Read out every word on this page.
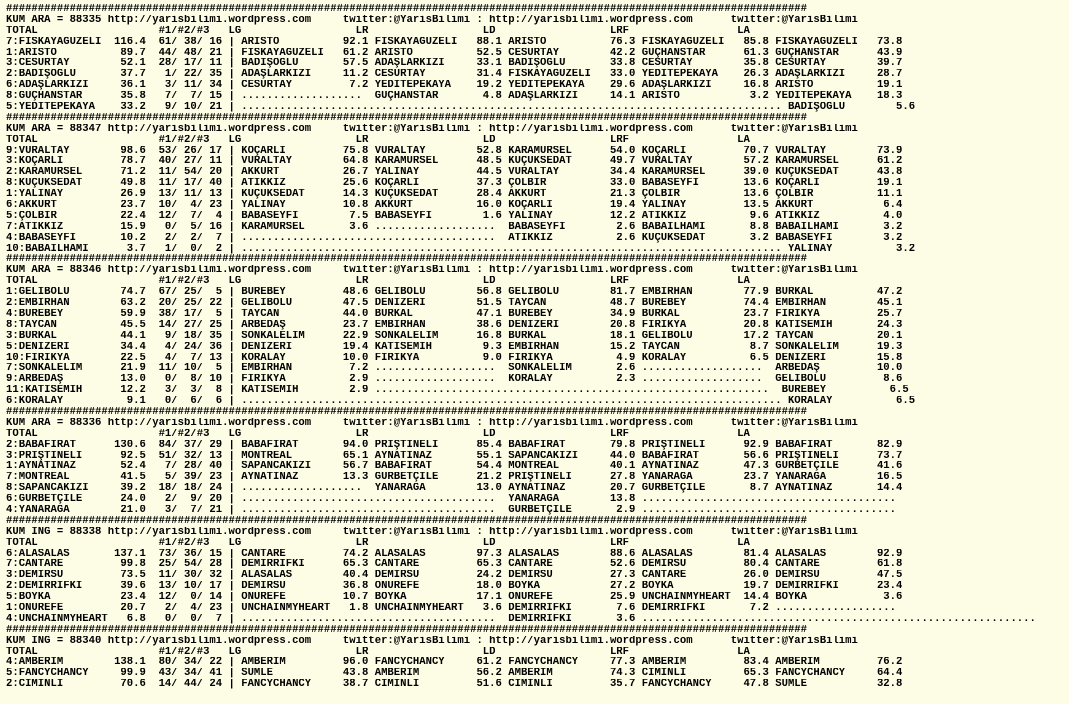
##############################################################################################################################
KUM ARA = 88335 http://yarisbilimi.wordpress.com     twitter:@YarisBilimi : http://yarisbilimi.wordpress.com      twitter:@YarisBilimi
TOTAL                   #1/#2/#3   LG                  LR                  LD                  LRF                 LA
7:FISKAYAGÜZELI  116.4  61/ 38/ 16 | ARİSTO          92.1 FISKAYAGÜZELI   88.1 ARİSTO          76.3 FISKAYAGÜZELI   85.8 FISKAYAGÜZELI   73.8
1:ARİSTO          89.7  44/ 48/ 21 | FISKAYAGÜZELI   61.2 ARİSTO          52.5 CESURTAY        42.2 GÜÇHANSTAR      61.3 GÜÇHANSTAR      43.9
3:CESURTAY        52.1  28/ 17/ 11 | BADIŞOĞLU       57.5 ADAŞLARKIZI     33.1 BADIŞOĞLU       33.8 CESURTAY        35.8 CESURTAY        39.7
2:BADIŞOĞLU       37.7   1/ 22/ 35 | ADAŞLARKIZI     11.2 CESURTAY        31.4 FISKAYAGÜZELI   33.0 YEDİTEPEKAYA    26.3 ADAŞLARKIZI     28.7
6:ADAŞLARKIZI     36.1   3/ 11/ 34 | CESURTAY         7.2 YEDİTEPEKAYA    19.2 YEDİTEPEKAYA    29.6 ADAŞLARKIZI     16.8 ARİSTO          19.1
8:GÜÇHANSTAR      35.8   7/  7/ 15 | ...................  GÜÇHANSTAR       4.8 ADAŞLARKIZI     14.1 ARİSTO           3.2 YEDİTEPEKAYA    18.3
5:YEDİTEPEKAYA    33.2   9/ 10/ 21 | ..................................................................................... BADIŞOĞLU        5.6
##############################################################################################################################
KUM ARA = 88347 http://yarisbilimi.wordpress.com     twitter:@YarisBilimi : http://yarisbilimi.wordpress.com      twitter:@YarisBilimi
TOTAL                   #1/#2/#3   LG                  LR                  LD                  LRF                 LA
9:VURALTAY        98.6  53/ 26/ 17 | KOÇARLI         75.8 VURALTAY        52.8 KARAMÜRSEL      54.0 KOÇARLI         70.7 VURALTAY        73.9
3:KOÇARLI         78.7  40/ 27/ 11 | VURALTAY        64.8 KARAMÜRSEL      48.5 KÜÇÜKSEDAT      49.7 VURALTAY        57.2 KARAMÜRSEL      61.2
2:KARAMÜRSEL      71.2  11/ 54/ 20 | AKKURT          26.7 YALINAY         44.5 VURALTAY        34.4 KARAMÜRSEL      39.0 KÜÇÜKSEDAT      43.8
8:KÜÇÜKSEDAT      49.8  11/ 17/ 40 | ATİKKIZ         25.6 KOÇARLI         37.3 ÇOLBIR          33.0 BABASEYFİ       13.6 KOÇARLI         19.1
1:YALINAY         26.9  13/ 11/ 13 | KÜÇÜKSEDAT      14.3 KÜÇÜKSEDAT      28.4 AKKURT          21.3 ÇOLBIR          13.6 ÇOLBIR          11.1
6:AKKURT          23.7  10/  4/ 23 | YALINAY         10.8 AKKURT          16.0 KOÇARLI         19.4 YALINAY         13.5 AKKURT           6.4
5:ÇOLBIR          22.4  12/  7/  4 | BABASEYFİ        7.5 BABASEYFİ        1.6 YALINAY         12.2 ATİKKIZ          9.6 ATİKKIZ          4.0
7:ATİKKIZ         15.9   0/  5/ 16 | KARAMÜRSEL       3.6 ...................  BABASEYFİ        2.6 BABAİLHAMİ       8.8 BABAİLHAMİ       3.2
4:BABASEYFİ       10.2   2/  2/  7 | ........................................  ATİKKIZ          2.6 KÜÇÜKSEDAT       3.2 BABASEYFİ        3.2
10:BABAİLHAMİ      3.7   1/  0/  2 | ..................................................................................... YALINAY          3.2
##############################################################################################################################
KUM ARA = 88346 http://yarisbilimi.wordpress.com     twitter:@YarisBilimi : http://yarisbilimi.wordpress.com      twitter:@YarisBilimi
TOTAL                   #1/#2/#3   LG                  LR                  LD                  LRF                 LA
1:GELİBOLU        74.7  67/ 25/  5 | BÜREBEY         48.6 GELİBOLU        56.8 GELİBOLU        81.7 EMBİRHAN        77.9 BURKAL          47.2
2:EMBİRHAN        63.2  20/ 25/ 22 | GELİBOLU        47.5 DENİZERİ        51.5 TAYCAN          48.7 BÜREBEY         74.4 EMBİRHAN        45.1
4:BÜREBEY         59.9  38/ 17/  5 | TAYCAN          44.0 BURKAL          47.1 BÜREBEY         34.9 BURKAL          23.7 FİRİKYA         25.7
8:TAYCAN          45.5  14/ 27/ 25 | ARBEDAŞ         23.7 EMBİRHAN        38.6 DENİZERİ        20.8 FİRİKYA         20.8 KATISEMİH       24.3
3:BURKAL          44.1   9/ 18/ 35 | SONKALELİM      22.9 SONKALELİM      16.8 BURKAL          18.1 GELİBOLU        17.2 TAYCAN          20.1
5:DENİZERİ        34.4   4/ 24/ 36 | DENİZERİ        19.4 KATISEMİH        9.3 EMBİRHAN        15.2 TAYCAN           8.7 SONKALELİM      19.3
10:FİRİKYA        22.5   4/  7/ 13 | KORALAY         10.0 FİRİKYA          9.0 FİRİKYA          4.9 KORALAY          6.5 DENİZERİ        15.8
7:SONKALELİM      21.9  11/ 10/  5 | EMBİRHAN         7.2 ...................  SONKALELİM       2.6 ...................  ARBEDAŞ         10.0
9:ARBEDAŞ         13.0   0/  8/ 10 | FİRİKYA          2.9 ...................  KORALAY          2.3 ...................  GELİBOLU         8.6
11:KATISEMİH      12.2   3/  3/  8 | KATISEMİH        2.9 ..............................................................  BÜREBEY          6.5
6:KORALAY          9.1   0/  6/  6 | ..................................................................................... KORALAY          6.5
##############################################################################################################################
KUM ARA = 88336 http://yarisbilimi.wordpress.com     twitter:@YarisBilimi : http://yarisbilimi.wordpress.com      twitter:@YarisBilimi
TOTAL                   #1/#2/#3   LG                  LR                  LD                  LRF                 LA
2:BABAFIRAT      130.6  84/ 37/ 29 | BABAFIRAT       94.0 PRİŞTİNELİ      85.4 BABAFIRAT       79.8 PRİŞTİNELİ      92.9 BABAFIRAT       82.9
3:PRİŞTİNELİ      92.5  51/ 32/ 13 | MONTREAL        65.1 AYNATINAZ       55.1 SAPANCAKIZI     44.0 BABAFIRAT       56.6 PRİŞTİNELİ      73.7
1:AYNATINAZ       52.4   7/ 28/ 40 | SAPANCAKIZI     56.7 BABAFIRAT       54.4 MONTREAL        40.1 AYNATINAZ       47.3 GURBETÇİLE      41.6
7:MONTREAL        41.5   5/ 39/ 23 | AYNATINAZ       13.3 GURBETÇİLE      21.2 PRİŞTİNELİ      27.8 YANARAĞA        23.7 YANARAĞA        16.5
8:SAPANCAKIZI     39.2  18/ 18/ 24 | ...................  YANARAĞA        13.0 AYNATINAZ       20.7 GURBETÇİLE       8.7 AYNATINAZ       14.4
6:GURBETÇİLE      24.0   2/  9/ 20 | ........................................  YANARAĞA        13.8 ........................................
4:YANARAĞA        21.0   3/  7/ 21 | ........................................  GURBETÇİLE       2.9 ........................................
##############################################################################################################################
KUM ING = 88338 http://yarisbilimi.wordpress.com     twitter:@YarisBilimi : http://yarisbilimi.wordpress.com      twitter:@YarisBilimi
TOTAL                   #1/#2/#3   LG                  LR                  LD                  LRF                 LA
6:ALASALAS       137.1  73/ 36/ 15 | CANTARE         74.2 ALASALAS        97.3 ALASALAS        88.6 ALASALAS        81.4 ALASALAS        92.9
7:CANTARE         99.8  25/ 54/ 28 | DEMİRRIFKI      65.3 CANTARE         65.3 CANTARE         52.6 DEMİRSU         80.4 CANTARE         61.8
3:DEMİRSU         73.5  11/ 30/ 32 | ALASALAS        40.4 DEMİRSU         24.2 DEMİRSU         27.3 CANTARE         26.0 DEMİRSU         47.5
2:DEMİRRIFKI      39.6  13/ 10/ 17 | DEMİRSU         36.8 ONUREFE         18.0 BOYKA           27.2 BOYKA           19.7 DEMİRRIFKI      23.4
5:BOYKA           23.4  12/  0/ 14 | ONUREFE         10.7 BOYKA           17.1 ONUREFE         25.9 UNCHAINMYHEART  14.4 BOYKA            3.6
1:ONUREFE         20.7   2/  4/ 23 | UNCHAINMYHEART   1.8 UNCHAINMYHEART   3.6 DEMİRRIFKI       7.6 DEMİRRIFKI       7.2 ...................
4:UNCHAINMYHEART   6.8   0/  0/  7 | ........................................  DEMİRRIFKI       3.6 ..............................................................
##############################################################################################################################
KUM ING = 88340 http://yarisbilimi.wordpress.com     twitter:@YarisBilimi : http://yarisbilimi.wordpress.com      twitter:@YarisBilimi
TOTAL                   #1/#2/#3   LG                  LR                  LD                  LRF                 LA
4:AMBERİM        138.1  80/ 34/ 22 | AMBERİM         96.0 FANCYCHANCY     61.2 FANCYCHANCY     77.3 AMBERİM         83.4 AMBERİM         76.2
5:FANCYCHANCY     99.9  43/ 34/ 41 | SUMLE           43.8 AMBERİM         56.2 AMBERİM         74.3 CİMİNLİ         65.3 FANCYCHANCY     64.4
2:CİMİNLİ         70.6  14/ 44/ 24 | FANCYCHANCY     38.7 CİMİNLİ         51.6 CİMİNLİ         35.7 FANCYCHANCY     47.8 SUMLE           32.8
